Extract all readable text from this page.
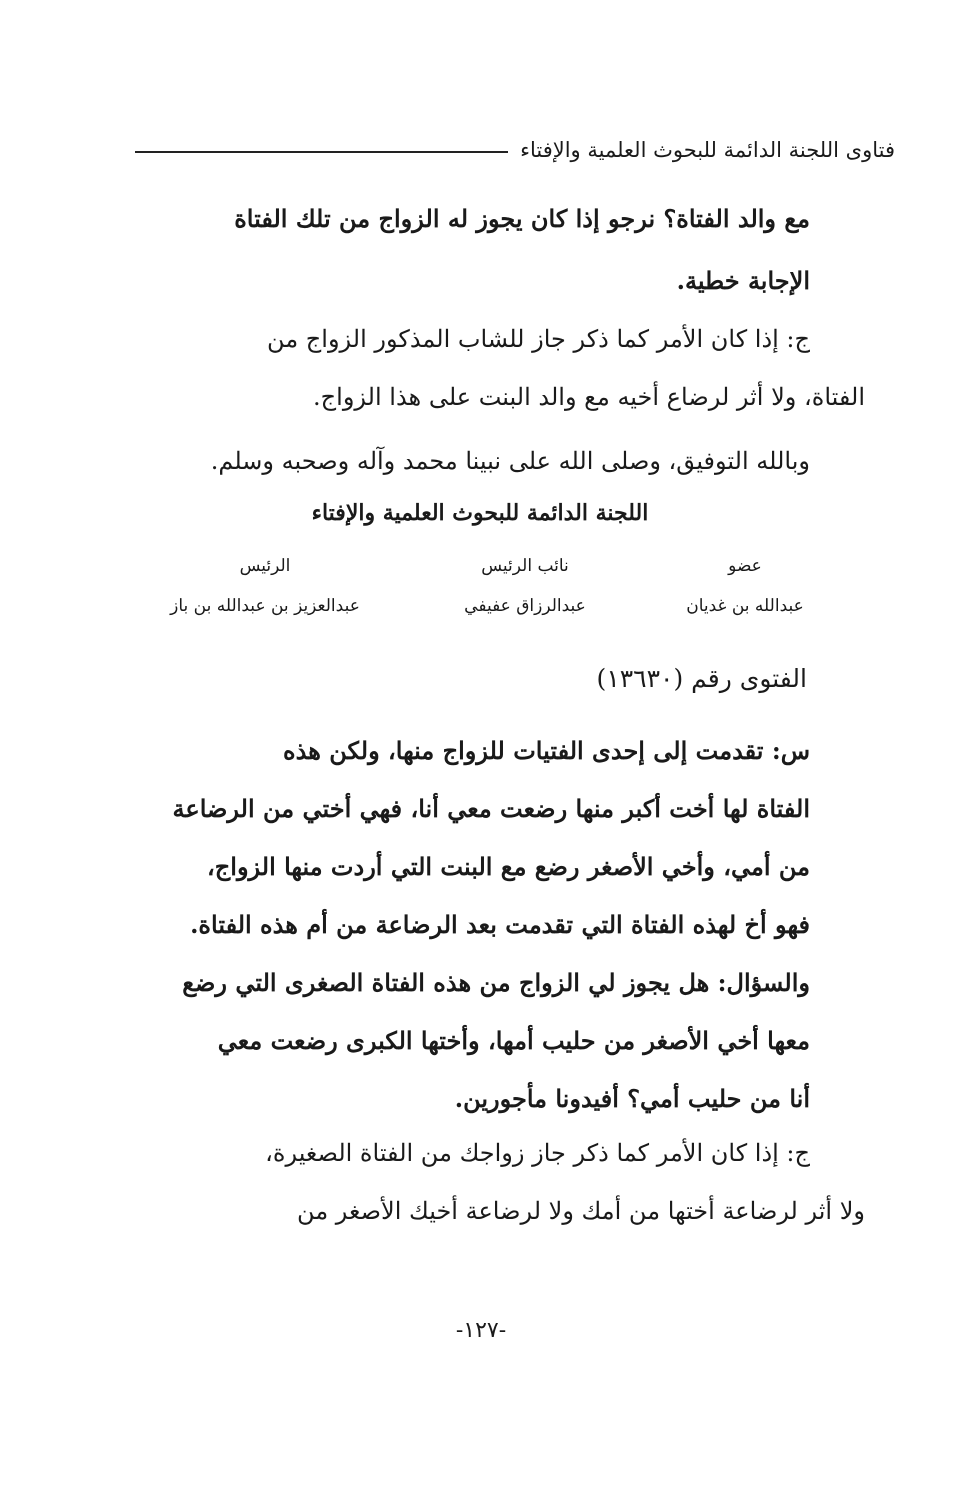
فتاوى اللجنة الدائمة للبحوث العلمية والإفتاء
مع والد الفتاة؟ نرجو إذا كان يجوز له الزواج من تلك الفتاة
الإجابة خطية.
ج: إذا كان الأمر كما ذكر جاز للشاب المذكور الزواج من
الفتاة، ولا أثر لرضاع أخيه مع والد البنت على هذا الزواج.
وبالله التوفيق، وصلى الله على نبينا محمد وآله وصحبه وسلم.
اللجنة الدائمة للبحوث العلمية والإفتاء
عضو
نائب الرئيس
الرئيس
عبدالله بن غديان
عبدالرزاق عفيفي
عبدالعزيز بن عبدالله بن باز
الفتوى رقم (١٣٦٣٠)
س: تقدمت إلى إحدى الفتيات للزواج منها، ولكن هذه
الفتاة لها أخت أكبر منها رضعت معي أنا، فهي أختي من الرضاعة
من أمي، وأخي الأصغر رضع مع البنت التي أردت منها الزواج،
فهو أخ لهذه الفتاة التي تقدمت بعد الرضاعة من أم هذه الفتاة.
والسؤال: هل يجوز لي الزواج من هذه الفتاة الصغرى التي رضع
معها أخي الأصغر من حليب أمها، وأختها الكبرى رضعت معي
أنا من حليب أمي؟ أفيدونا مأجورين.
ج: إذا كان الأمر كما ذكر جاز زواجك من الفتاة الصغيرة،
ولا أثر لرضاعة أختها من أمك ولا لرضاعة أخيك الأصغر من
-١٢٧-
